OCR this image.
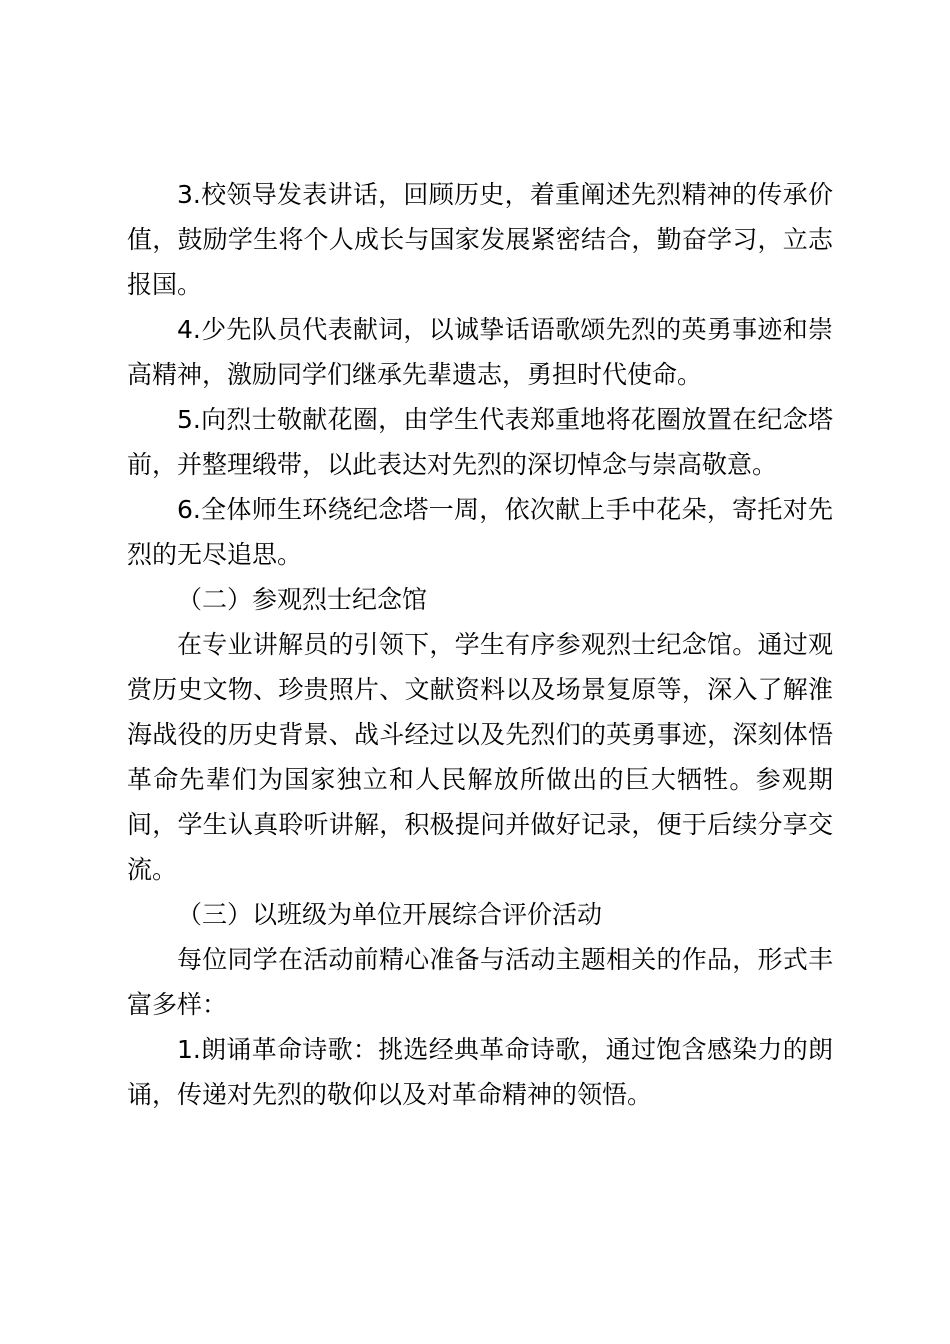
3.校领导发表讲话，回顾历史，着重阐述先烈精神的传承价值，鼓励学生将个人成长与国家发展紧密结合，勤奋学习，立志报国。

4.少先队员代表献词，以诚挚话语歌颂先烈的英勇事迹和崇高精神，激励同学们继承先辈遗志，勇担时代使命。

5.向烈士敬献花圈，由学生代表郑重地将花圈放置在纪念塔前，并整理缎带，以此表达对先烈的深切悼念与崇高敬意。

6.全体师生环绕纪念塔一周，依次献上手中花朵，寄托对先烈的无尽追思。

（二）参观烈士纪念馆

在专业讲解员的引领下，学生有序参观烈士纪念馆。通过观赏历史文物、珍贵照片、文献资料以及场景复原等，深入了解淮海战役的历史背景、战斗经过以及先烈们的英勇事迹，深刻体悟革命先辈们为国家独立和人民解放所做出的巨大牺牲。参观期间，学生认真聆听讲解，积极提问并做好记录，便于后续分享交流。

（三）以班级为单位开展综合评价活动

每位同学在活动前精心准备与活动主题相关的作品，形式丰富多样：

1.朗诵革命诗歌：挑选经典革命诗歌，通过饱含感染力的朗诵，传递对先烈的敬仰以及对革命精神的领悟。
